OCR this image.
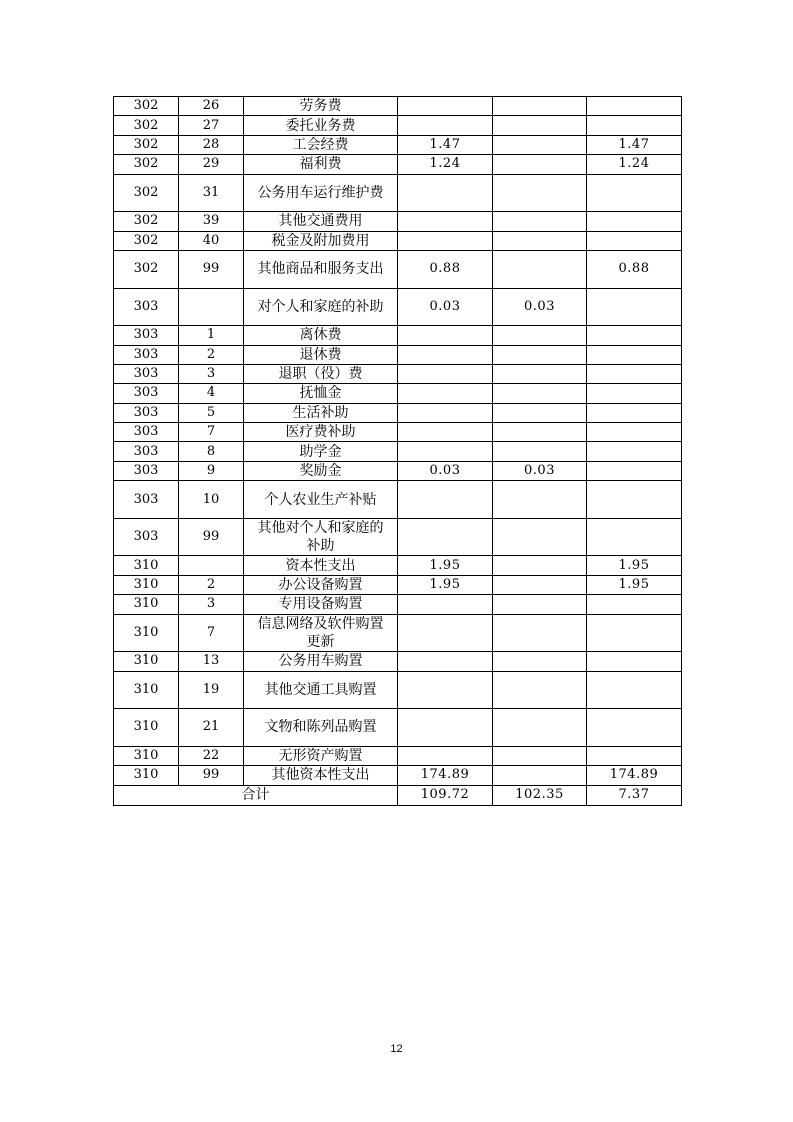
302	26	劳务费			
302	27	委托业务费			
302	28	工会经费	1.47		1.47
302	29	福利费	1.24		1.24
302	31	公务用车运行维护费			
302	39	其他交通费用			
302	40	税金及附加费用			
302	99	其他商品和服务支出	0.88		0.88
303		对个人和家庭的补助	0.03	0.03	
303	1	离休费			
303	2	退休费			
303	3	退职（役）费			
303	4	抚恤金			
303	5	生活补助			
303	7	医疗费补助			
303	8	助学金			
303	9	奖励金	0.03	0.03	
303	10	个人农业生产补贴			
303	99	其他对个人和家庭的补助			
310		资本性支出	1.95		1.95
310	2	办公设备购置	1.95		1.95
310	3	专用设备购置			
310	7	信息网络及软件购置更新			
310	13	公务用车购置			
310	19	其他交通工具购置			
310	21	文物和陈列品购置			
310	22	无形资产购置			
310	99	其他资本性支出	174.89		174.89
合计			109.72	102.35	7.37
12
